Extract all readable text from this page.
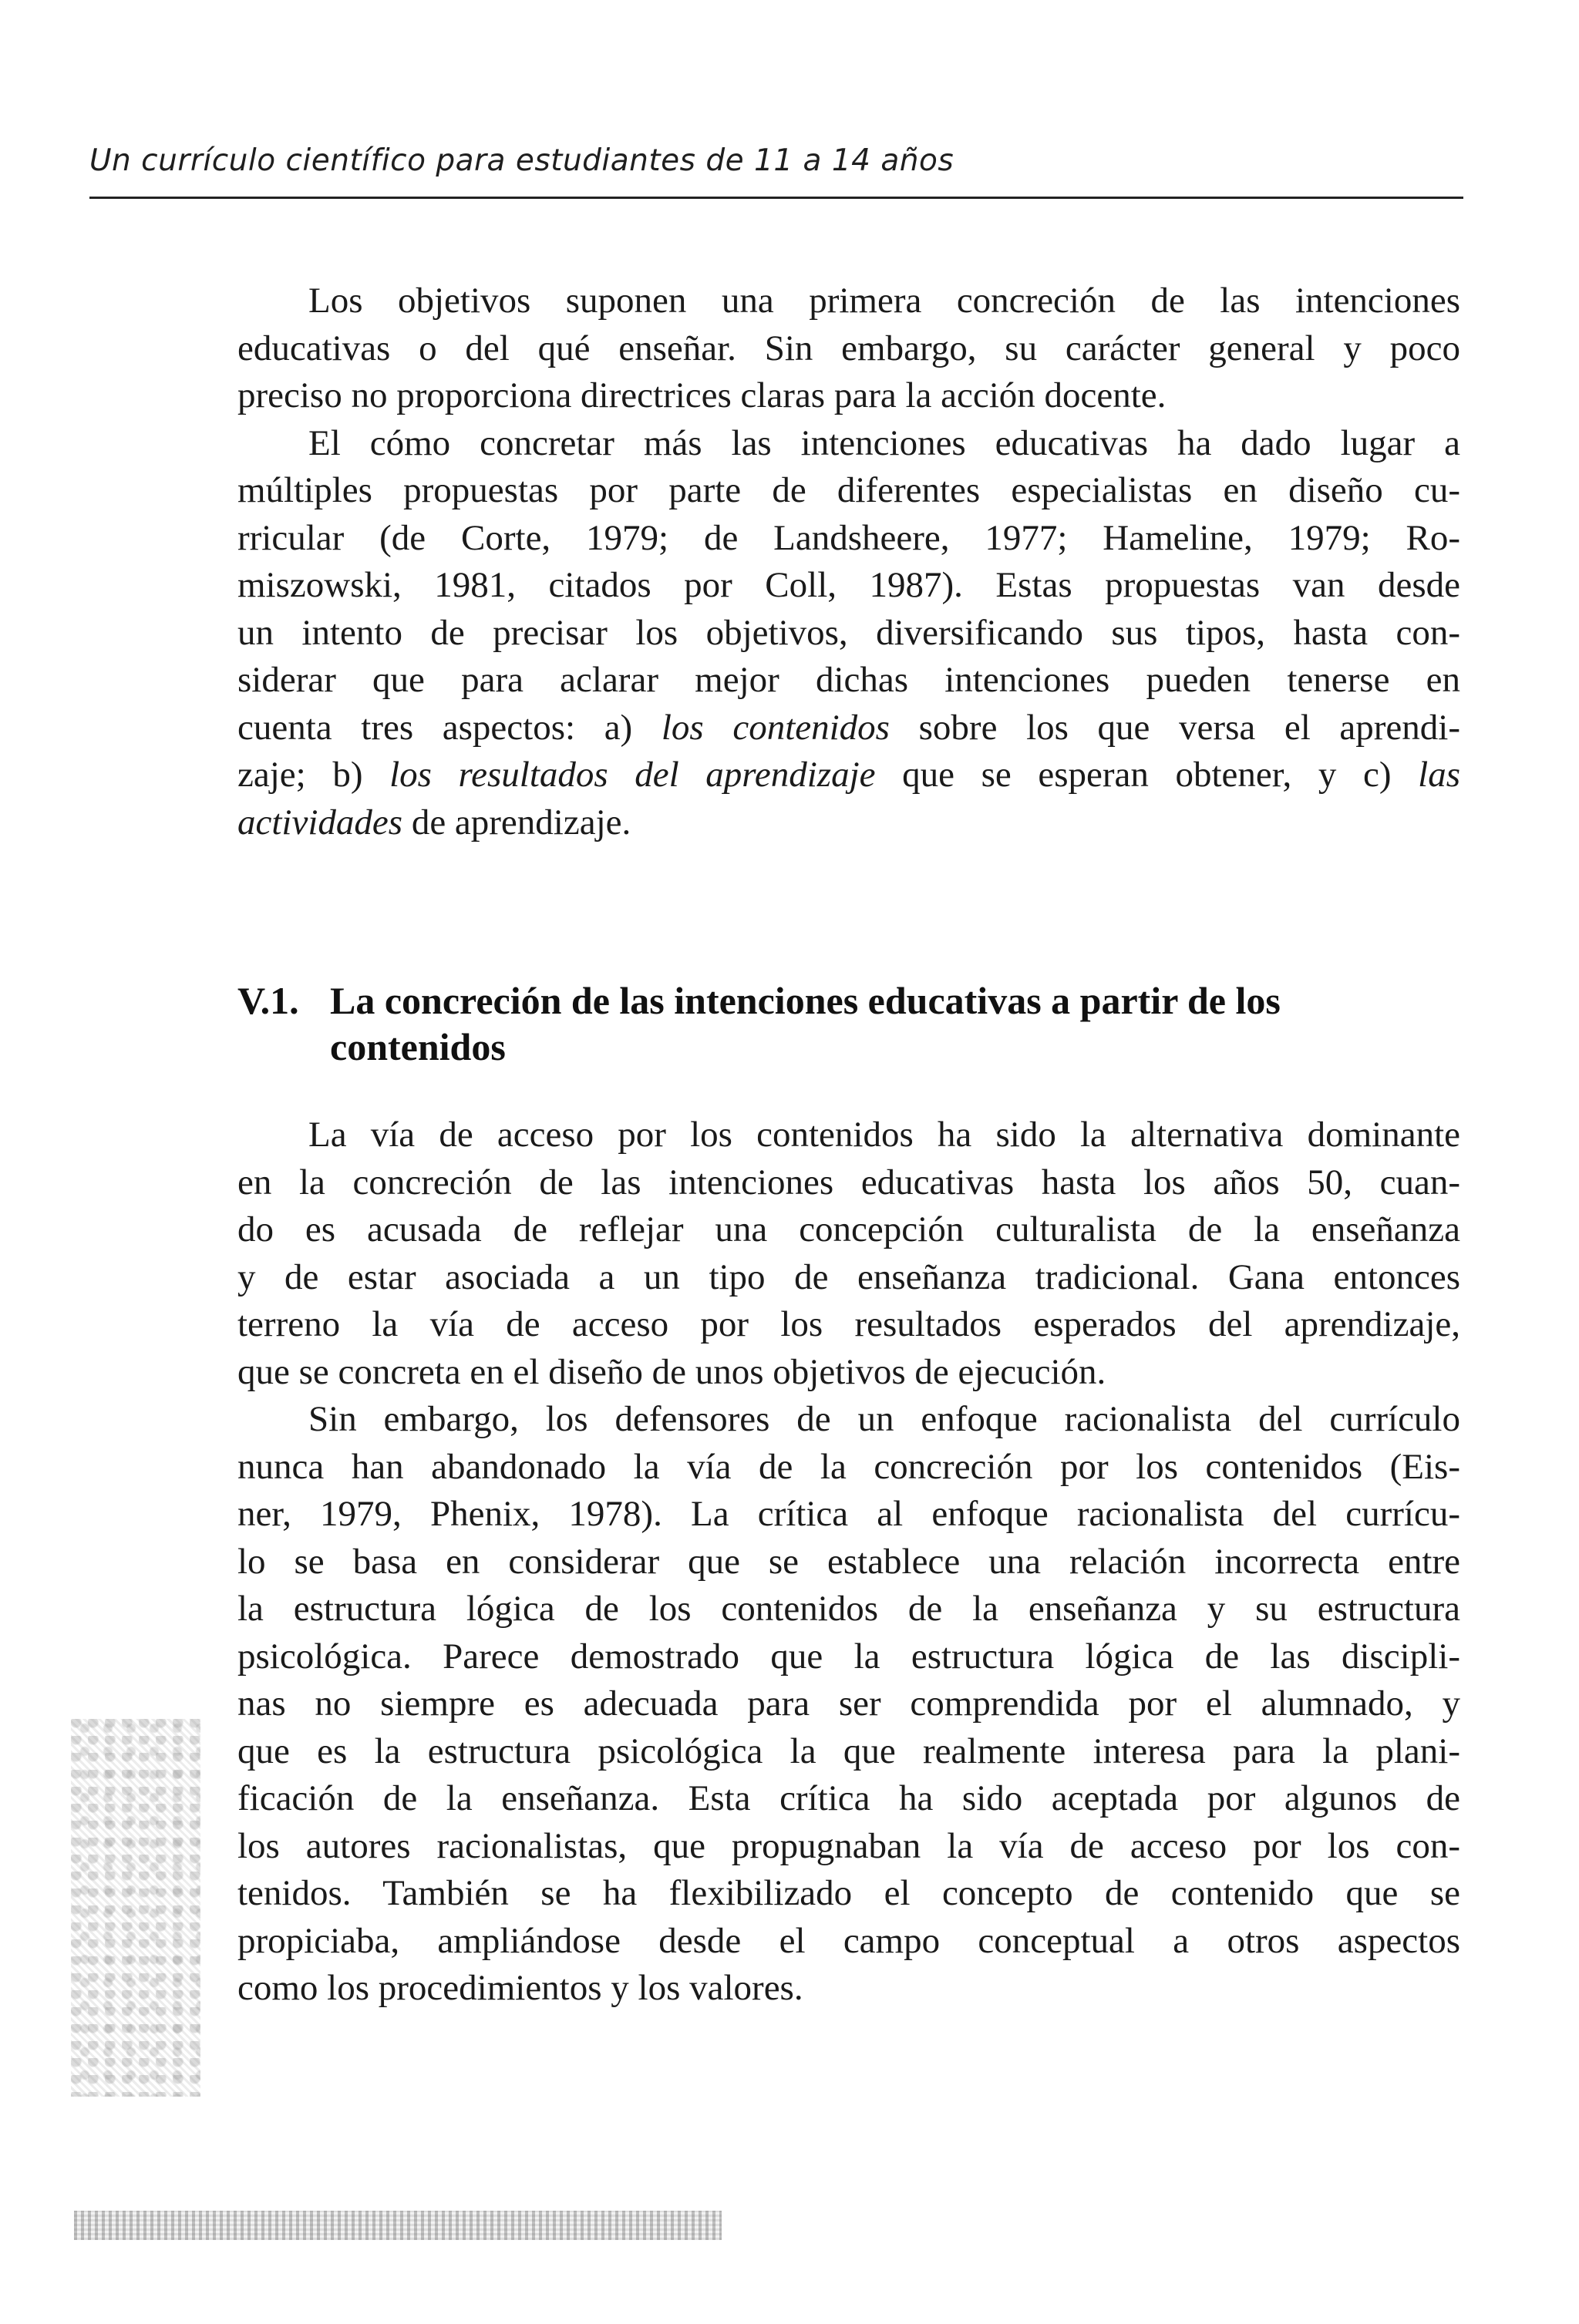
Un currículo científico para estudiantes de 11 a 14 años
Los objetivos suponen una primera concreción de las intenciones
educativas o del qué enseñar. Sin embargo, su carácter general y poco
preciso no proporciona directrices claras para la acción docente.
El cómo concretar más las intenciones educativas ha dado lugar a
múltiples propuestas por parte de diferentes especialistas en diseño cu-
rricular (de Corte, 1979; de Landsheere, 1977; Hameline, 1979; Ro-
miszowski, 1981, citados por Coll, 1987). Estas propuestas van desde
un intento de precisar los objetivos, diversificando sus tipos, hasta con-
siderar que para aclarar mejor dichas intenciones pueden tenerse en
cuenta tres aspectos: a) los contenidos sobre los que versa el aprendi-
zaje; b) los resultados del aprendizaje que se esperan obtener, y c) las
actividades de aprendizaje.
V.1. La concreción de las intenciones educativas a partir de los contenidos
La vía de acceso por los contenidos ha sido la alternativa dominante
en la concreción de las intenciones educativas hasta los años 50, cuan-
do es acusada de reflejar una concepción culturalista de la enseñanza
y de estar asociada a un tipo de enseñanza tradicional. Gana entonces
terreno la vía de acceso por los resultados esperados del aprendizaje,
que se concreta en el diseño de unos objetivos de ejecución.
Sin embargo, los defensores de un enfoque racionalista del currículo
nunca han abandonado la vía de la concreción por los contenidos (Eis-
ner, 1979, Phenix, 1978). La crítica al enfoque racionalista del currícu-
lo se basa en considerar que se establece una relación incorrecta entre
la estructura lógica de los contenidos de la enseñanza y su estructura
psicológica. Parece demostrado que la estructura lógica de las discipli-
nas no siempre es adecuada para ser comprendida por el alumnado, y
que es la estructura psicológica la que realmente interesa para la plani-
ficación de la enseñanza. Esta crítica ha sido aceptada por algunos de
los autores racionalistas, que propugnaban la vía de acceso por los con-
tenidos. También se ha flexibilizado el concepto de contenido que se
propiciaba, ampliándose desde el campo conceptual a otros aspectos
como los procedimientos y los valores.
